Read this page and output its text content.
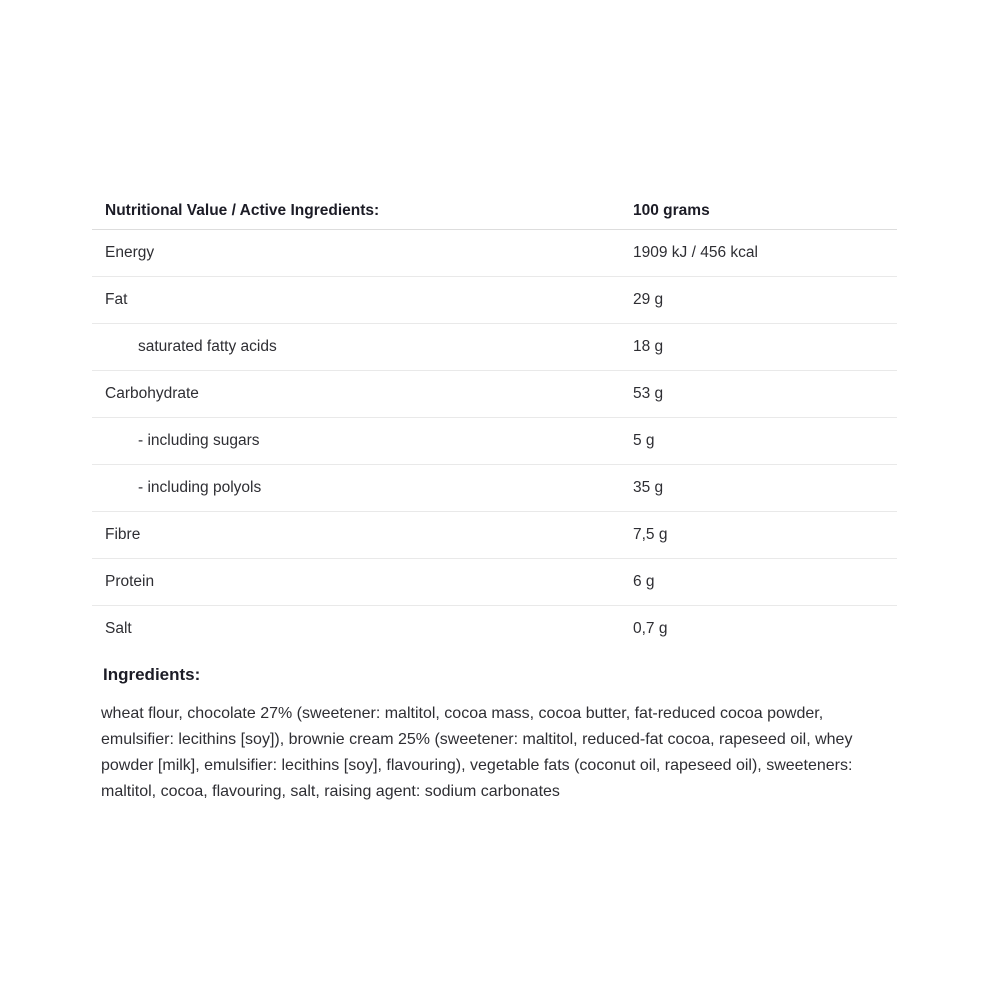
Nutritional Value / Active Ingredients:	100 grams
Energy	1909 kJ / 456 kcal
Fat	29 g
saturated fatty acids	18 g
Carbohydrate	53 g
- including sugars	5 g
- including polyols	35 g
Fibre	7,5 g
Protein	6 g
Salt	0,7 g
Ingredients:

wheat flour, chocolate 27% (sweetener: maltitol, cocoa mass, cocoa butter, fat-reduced cocoa powder, emulsifier: lecithins [soy]), brownie cream 25% (sweetener: maltitol, reduced-fat cocoa, rapeseed oil, whey powder [milk], emulsifier: lecithins [soy], flavouring), vegetable fats (coconut oil, rapeseed oil), sweeteners: maltitol, cocoa, flavouring, salt, raising agent: sodium carbonates
